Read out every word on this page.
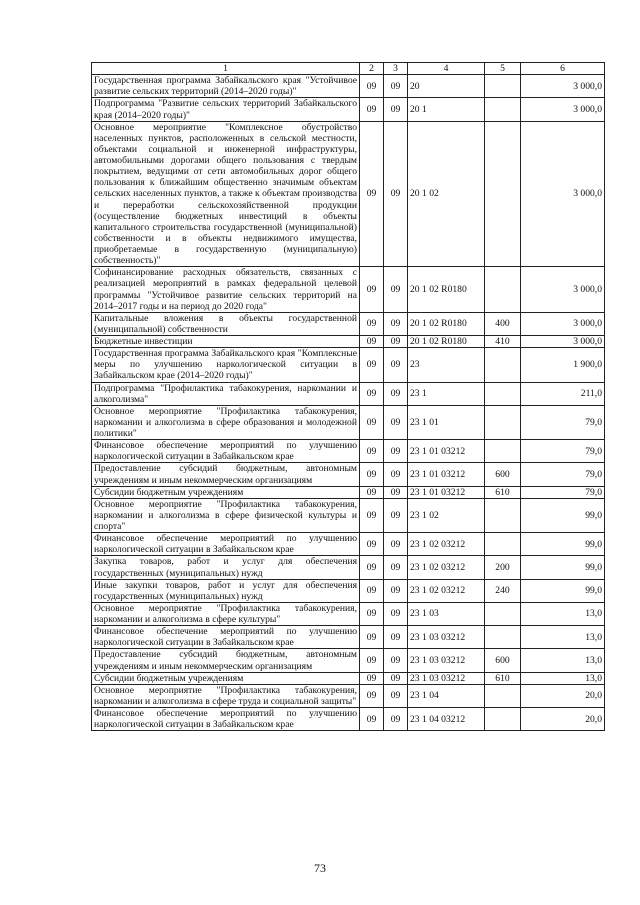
1	2	3	4	5	6
Государственная программа Забайкальского края "Устойчивое развитие сельских территорий (2014–2020 годы)"	09	09	20		3 000,0
Подпрограмма "Развитие сельских территорий Забайкальского края (2014–2020 годы)"	09	09	20 1		3 000,0
Основное мероприятие "Комплексное обустройство населенных пунктов, расположенных в сельской местности, объектами социальной и инженерной инфраструктуры, автомобильными дорогами общего пользования с твердым покрытием, ведущими от сети автомобильных дорог общего пользования к ближайшим общественно значимым объектам сельских населенных пунктов, а также к объектам производства и переработки сельскохозяйственной продукции (осуществление бюджетных инвестиций в объекты капитального строительства государственной (муниципальной) собственности и в объекты недвижимого имущества, приобретаемые в государственную (муниципальную) собственность)"	09	09	20 1 02		3 000,0
Софинансирование расходных обязательств, связанных с реализацией мероприятий в рамках федеральной целевой программы "Устойчивое развитие сельских территорий на 2014–2017 годы и на период до 2020 года"	09	09	20 1 02 R0180		3 000,0
Капитальные вложения в объекты государственной (муниципальной) собственности	09	09	20 1 02 R0180	400	3 000,0
Бюджетные инвестиции	09	09	20 1 02 R0180	410	3 000,0
Государственная программа Забайкальского края "Комплексные меры по улучшению наркологической ситуации в Забайкальском крае (2014–2020 годы)"	09	09	23		1 900,0
Подпрограмма "Профилактика табакокурения, наркомании и алкоголизма"	09	09	23 1		211,0
Основное мероприятие "Профилактика табакокурения, наркомании и алкоголизма в сфере образования и молодежной политики"	09	09	23 1 01		79,0
Финансовое обеспечение мероприятий по улучшению наркологической ситуации в Забайкальском крае	09	09	23 1 01 03212		79,0
Предоставление субсидий бюджетным, автономным учреждениям и иным некоммерческим организациям	09	09	23 1 01 03212	600	79,0
Субсидии бюджетным учреждениям	09	09	23 1 01 03212	610	79,0
Основное мероприятие "Профилактика табакокурения, наркомании и алкоголизма в сфере физической культуры и спорта"	09	09	23 1 02		99,0
Финансовое обеспечение мероприятий по улучшению наркологической ситуации в Забайкальском крае	09	09	23 1 02 03212		99,0
Закупка товаров, работ и услуг для обеспечения государственных (муниципальных) нужд	09	09	23 1 02 03212	200	99,0
Иные закупки товаров, работ и услуг для обеспечения государственных (муниципальных) нужд	09	09	23 1 02 03212	240	99,0
Основное мероприятие "Профилактика табакокурения, наркомании и алкоголизма в сфере культуры"	09	09	23 1 03		13,0
Финансовое обеспечение мероприятий по улучшению наркологической ситуации в Забайкальском крае	09	09	23 1 03 03212		13,0
Предоставление субсидий бюджетным, автономным учреждениям и иным некоммерческим организациям	09	09	23 1 03 03212	600	13,0
Субсидии бюджетным учреждениям	09	09	23 1 03 03212	610	13,0
Основное мероприятие "Профилактика табакокурения, наркомании и алкоголизма в сфере труда и социальной защиты"	09	09	23 1 04		20,0
Финансовое обеспечение мероприятий по улучшению наркологической ситуации в Забайкальском крае	09	09	23 1 04 03212		20,0
73
